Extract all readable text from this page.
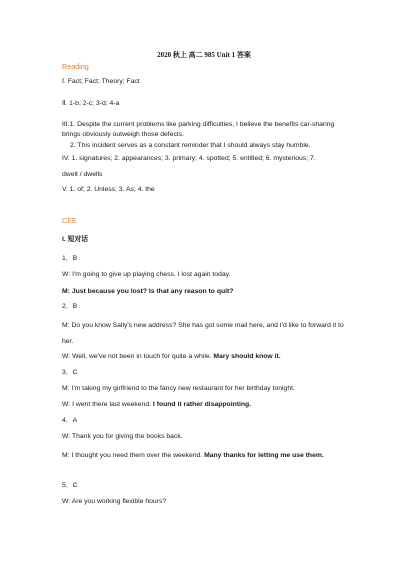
2020 秋上 高二 985 Unit 1 答案
Reading
Ⅰ. Fact; Fact; Theory; Fact
Ⅱ. 1-b; 2-c; 3-d; 4-a
III.1. Despite the current problems like parking difficulties, I believe the benefits car-sharing brings obviously outweigh those defects.
2. This incident serves as a constant reminder that I should always stay humble.
IV. 1. signatures; 2. appearances; 3. primary; 4. spotted; 5. entitled; 6. mysterious; 7.
dwelt / dwells
V. 1. of; 2. Unless; 3. As; 4. the
CEE
I. 短对话
1．B
W: I'm going to give up playing chess. I lost again today.
M: Just because you lost? Is that any reason to quit?
2．B
M: Do you know Sally's new address? She has got some mail here, and I'd like to forward it to her.
W: Well, we've not been in touch for quite a while. Mary should know it.
3．C
M: I'm taking my girlfriend to the fancy new restaurant for her birthday tonight.
W: I went there last weekend. I found it rather disappointing.
4．A
W: Thank you for giving the books back.
M: I thought you need them over the weekend. Many thanks for letting me use them.
5．C
W: Are you working flexible hours?
